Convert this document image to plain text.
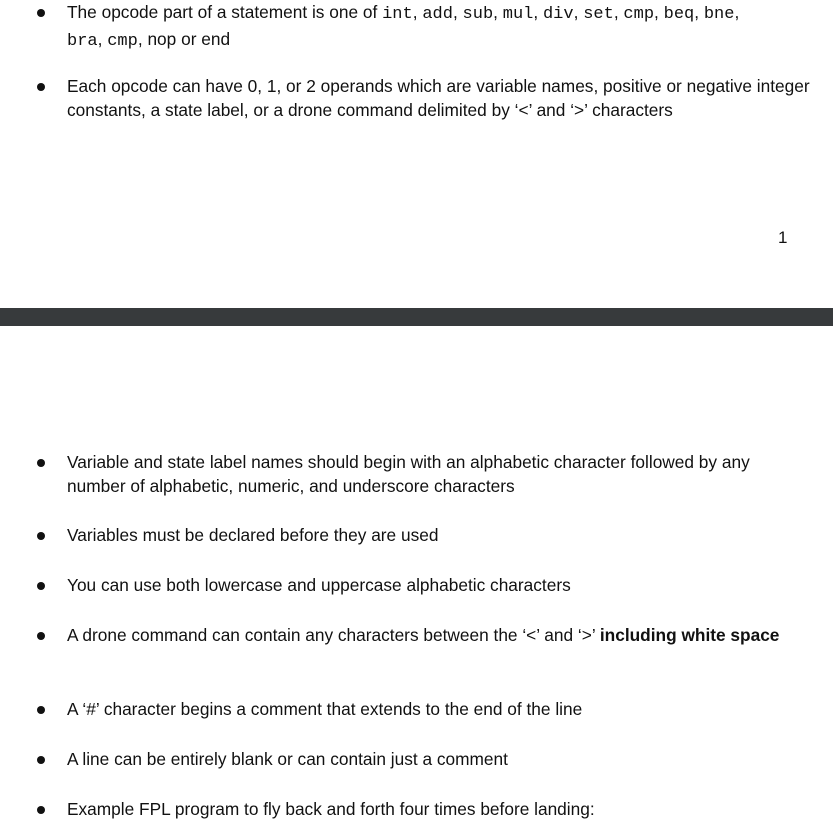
The opcode part of a statement is one of int, add, sub, mul, div, set, cmp, beq, bne,
bra, cmp, nop or end
Each opcode can have 0, 1, or 2 operands which are variable names, positive or negative integer constants, a state label, or a drone command delimited by ‘<’ and ‘>’ characters
1
Variable and state label names should begin with an alphabetic character followed by any number of alphabetic, numeric, and underscore characters
Variables must be declared before they are used
You can use both lowercase and uppercase alphabetic characters
A drone command can contain any characters between the ‘<’ and ‘>’ including white space
A ‘#’ character begins a comment that extends to the end of the line
A line can be entirely blank or can contain just a comment
Example FPL program to fly back and forth four times before landing:
